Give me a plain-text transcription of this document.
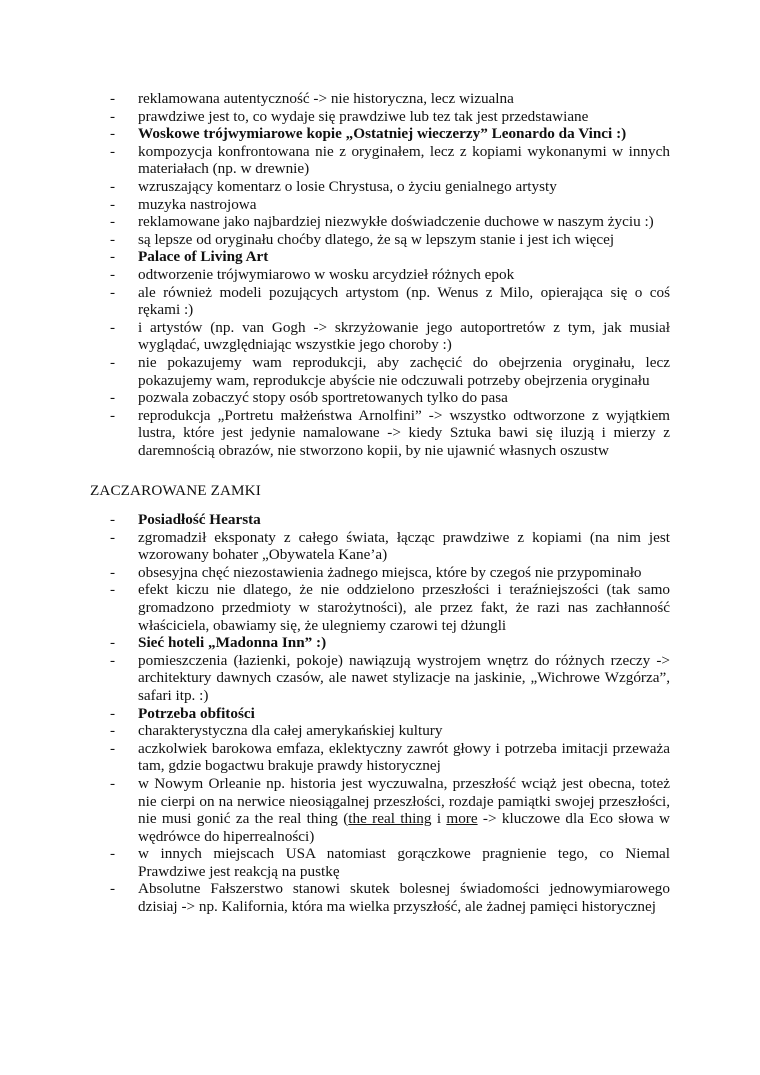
-	reklamowana autentyczność -> nie historyczna, lecz wizualna
-	prawdziwe jest to, co wydaje się prawdziwe lub tez tak jest przedstawiane
-	Woskowe trójwymiarowe kopie „Ostatniej wieczerzy” Leonardo da Vinci :)
-	kompozycja konfrontowana nie z oryginałem, lecz z kopiami wykonanymi w innych materiałach (np. w drewnie)
-	wzruszający komentarz o losie Chrystusa, o życiu genialnego artysty
-	muzyka nastrojowa
-	reklamowane jako najbardziej niezwykłe doświadczenie duchowe w naszym życiu :)
-	są lepsze od oryginału choćby dlatego, że są w lepszym stanie i jest ich więcej
-	Palace of Living Art
-	odtworzenie trójwymiarowo w wosku arcydzieł różnych epok
-	ale również modeli pozujących artystom (np. Wenus z Milo, opierająca się o coś rękami :)
-	i artystów (np. van Gogh -> skrzyżowanie jego autoportretów z tym, jak musiał wyglądać, uwzględniając wszystkie jego choroby :)
-	nie pokazujemy wam reprodukcji, aby zachęcić do obejrzenia oryginału, lecz pokazujemy wam, reprodukcje abyście nie odczuwali potrzeby obejrzenia oryginału
-	pozwala zobaczyć stopy osób sportretowanych tylko do pasa
-	reprodukcja „Portretu małżeństwa Arnolfini” -> wszystko odtworzone z wyjątkiem lustra, które jest jedynie namalowane -> kiedy Sztuka bawi się iluzją i mierzy z daremnością obrazów, nie stworzono kopii, by nie ujawnić własnych oszustw
ZACZAROWANE ZAMKI
-	Posiadłość Hearsta
-	zgromadził eksponaty z całego świata, łącząc prawdziwe z kopiami (na nim jest wzorowany bohater „Obywatela Kane’a)
-	obsesyjna chęć niezostawienia żadnego miejsca, które by czegoś nie przypominało
-	efekt kiczu nie dlatego, że nie oddzielono przeszłości i teraźniejszości (tak samo gromadzono przedmioty w starożytności), ale przez fakt, że razi nas zachłanność właściciela, obawiamy się, że ulegniemy czarowi tej dżungli
-	Sieć hoteli „Madonna Inn” :)
-	pomieszczenia (łazienki, pokoje) nawiązują wystrojem wnętrz do różnych rzeczy -> architektury dawnych czasów, ale nawet stylizacje na jaskinie, „Wichrowe Wzgórza”, safari itp. :)
-	Potrzeba obfitości
-	charakterystyczna dla całej amerykańskiej kultury
-	aczkolwiek barokowa emfaza, eklektyczny zawrót głowy i potrzeba imitacji przeważa tam, gdzie bogactwu brakuje prawdy historycznej
-	w Nowym Orleanie np. historia jest wyczuwalna, przeszłość wciąż jest obecna, toteż nie cierpi on na nerwice nieosiągalnej przeszłości, rozdaje pamiątki swojej przeszłości, nie musi gonić za the real thing (the real thing i more -> kluczowe dla Eco słowa w wędrówce do hiperrealności)
-	w innych miejscach USA natomiast gorączkowe pragnienie tego, co Niemal Prawdziwe jest reakcją na pustkę
-	Absolutne Fałszerstwo stanowi skutek bolesnej świadomości jednowymiarowego dzisiaj -> np. Kalifornia, która ma wielka przyszłość, ale żadnej pamięci historycznej
